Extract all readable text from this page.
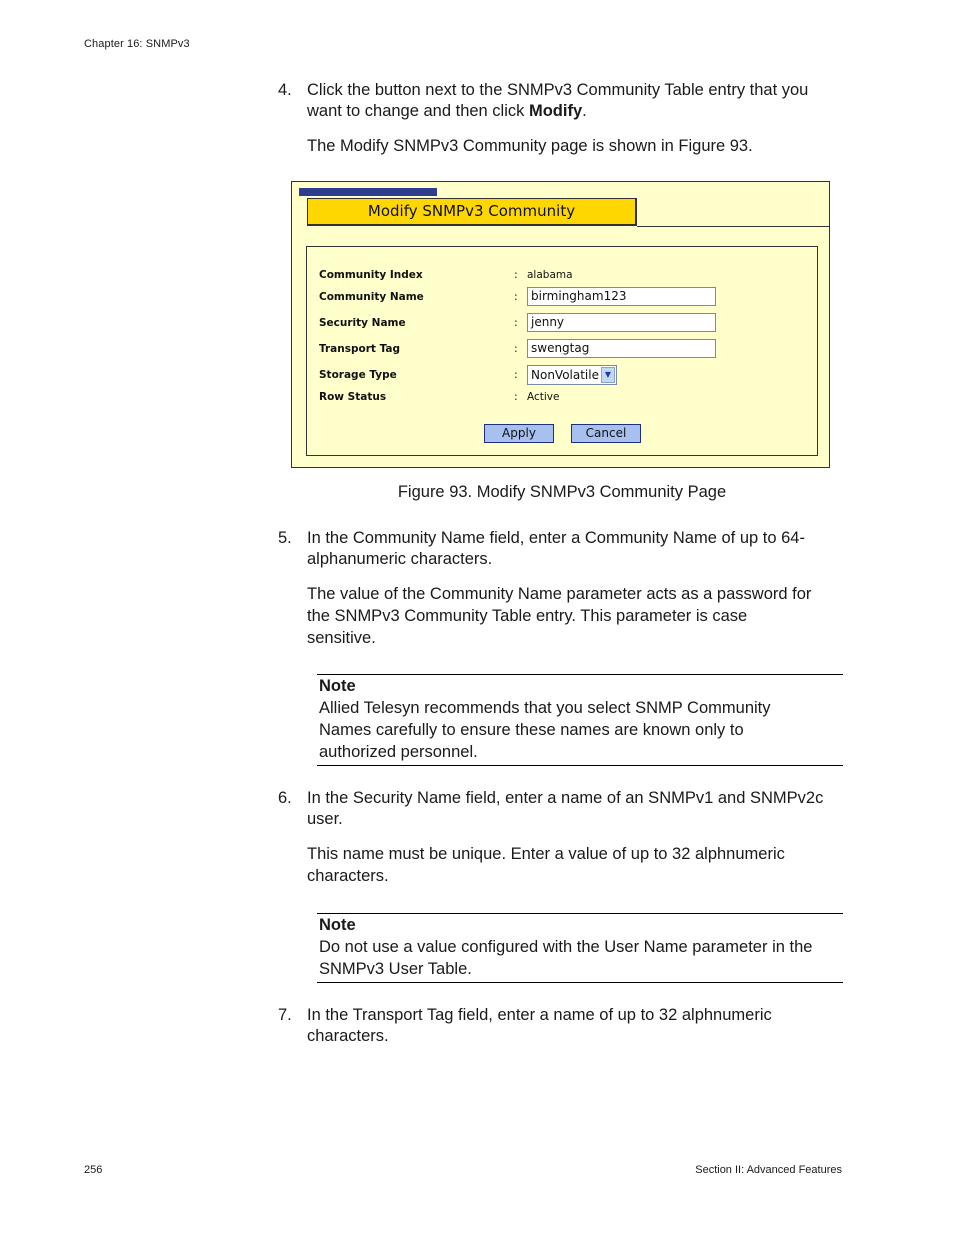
Chapter 16: SNMPv3
4. Click the button next to the SNMPv3 Community Table entry that you want to change and then click Modify.
The Modify SNMPv3 Community page is shown in Figure 93.
Modify SNMPv3 Community
Community Index	: alabama
Community Name	:	birmingham123
Security Name	:	jenny
Transport Tag	:	swengtag
Storage Type	:	NonVolatile ▼
Row Status	: Active
Apply	Cancel
Figure 93. Modify SNMPv3 Community Page
5. In the Community Name field, enter a Community Name of up to 64-alphanumeric characters.
The value of the Community Name parameter acts as a password for the SNMPv3 Community Table entry. This parameter is case sensitive.
Note
Allied Telesyn recommends that you select SNMP Community Names carefully to ensure these names are known only to authorized personnel.
6. In the Security Name field, enter a name of an SNMPv1 and SNMPv2c user.
This name must be unique. Enter a value of up to 32 alphnumeric characters.
Note
Do not use a value configured with the User Name parameter in the SNMPv3 User Table.
7. In the Transport Tag field, enter a name of up to 32 alphnumeric characters.
256	Section II: Advanced Features
